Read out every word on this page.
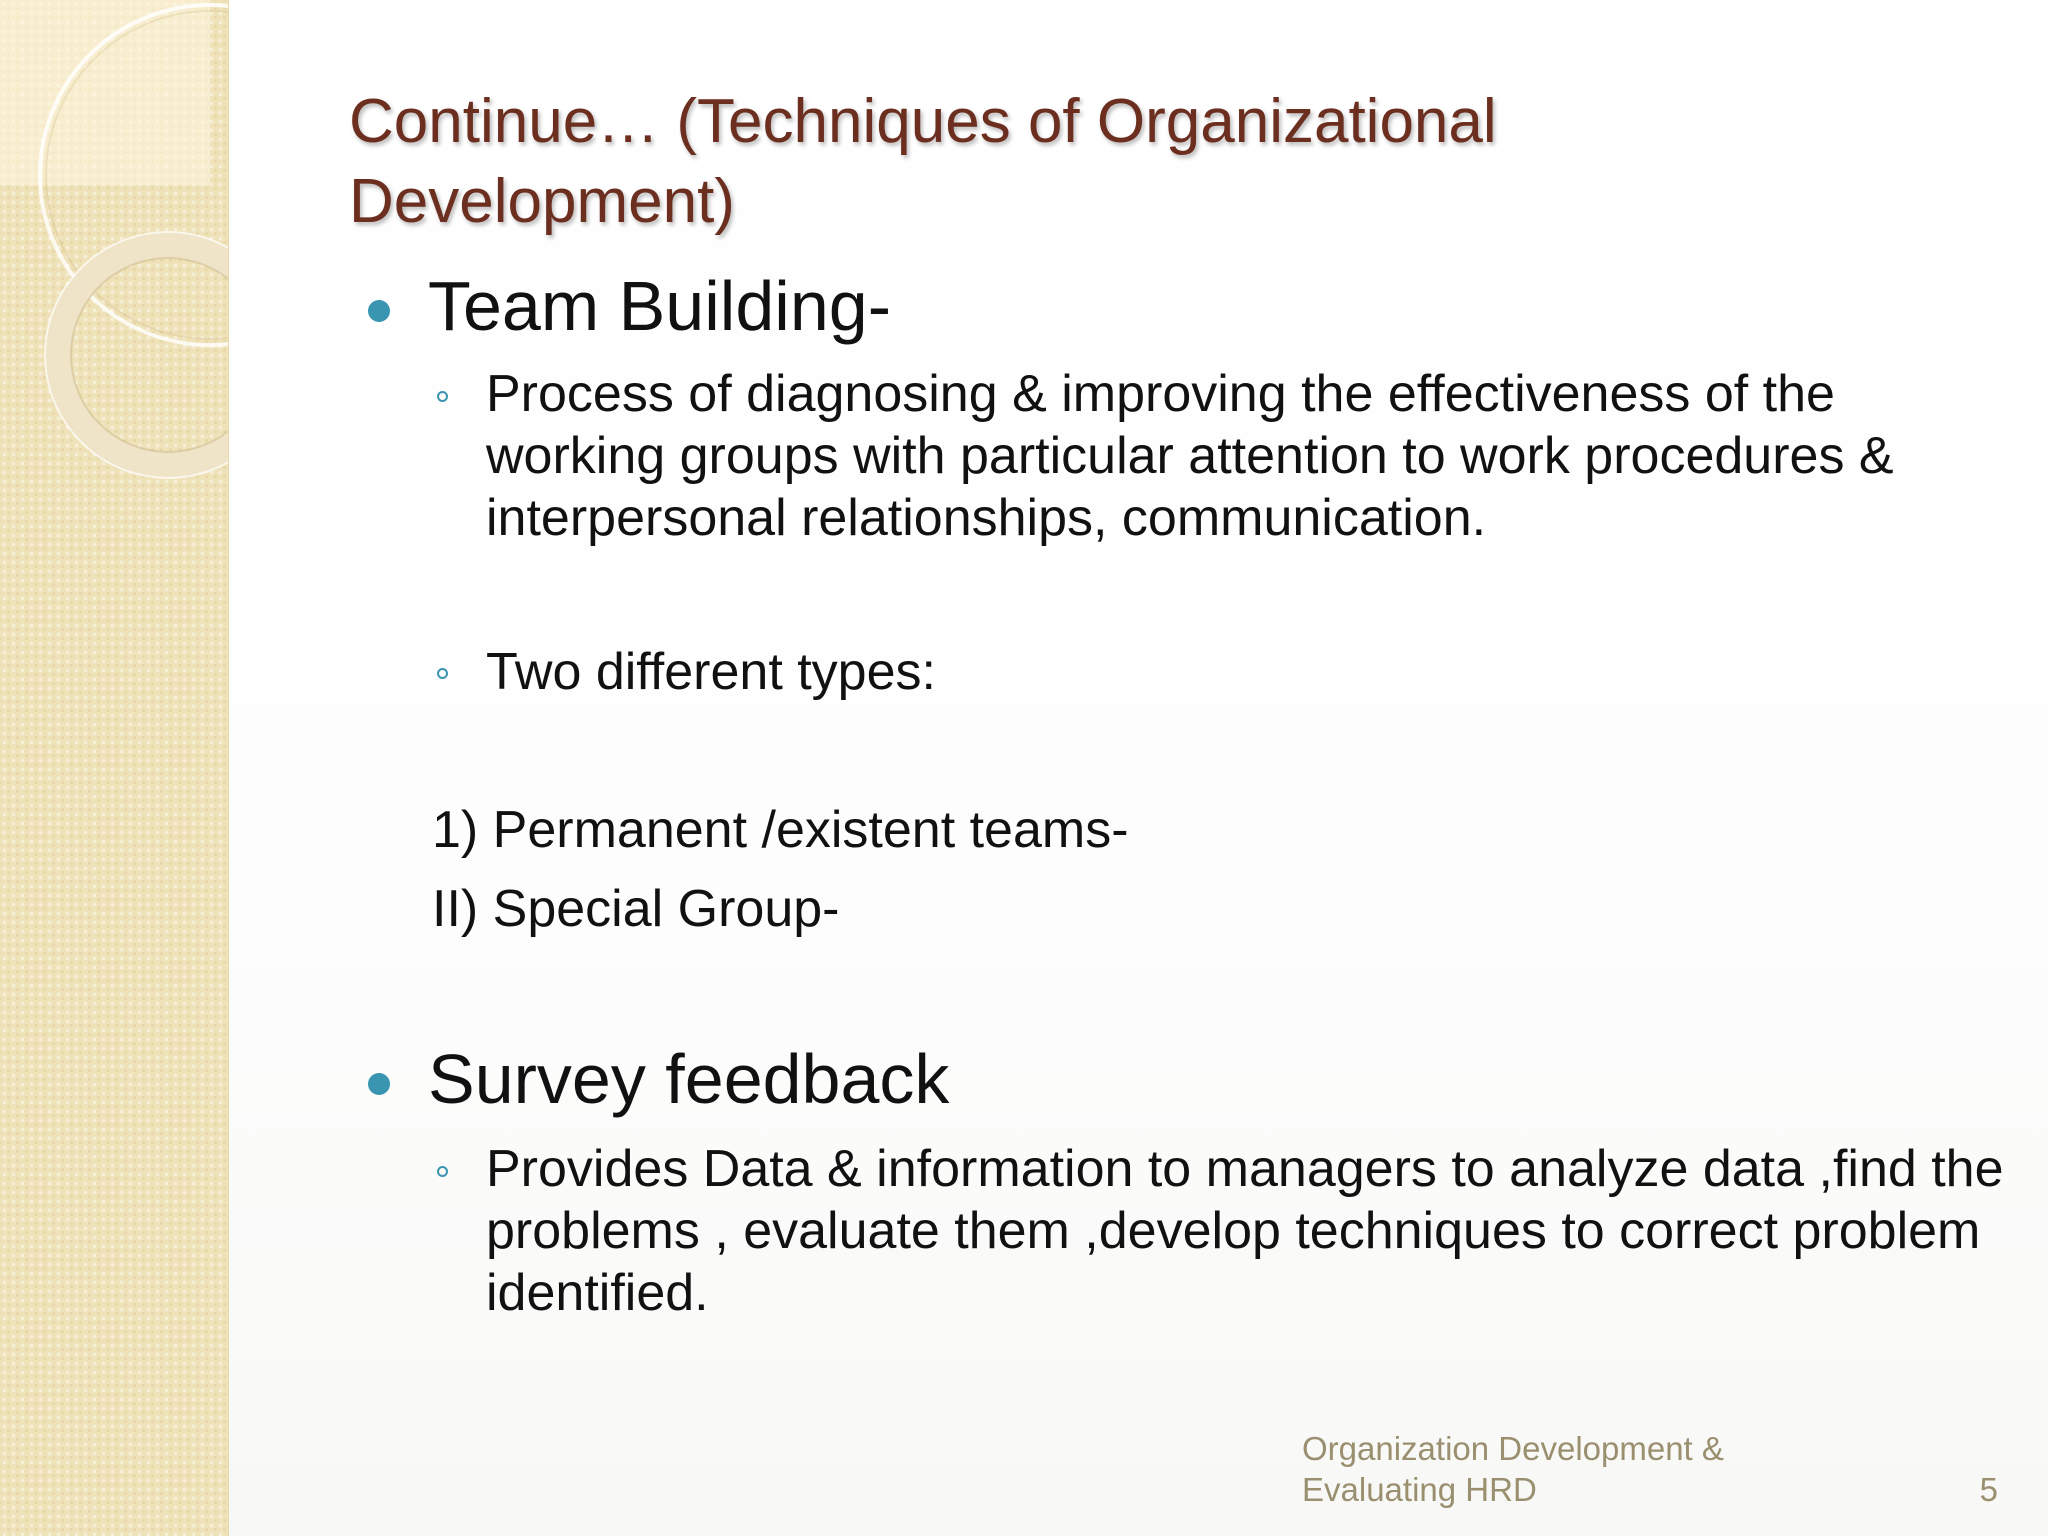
Continue… (Techniques of Organizational Development)
Team Building-
Process of diagnosing & improving the effectiveness of the working groups with particular attention to work procedures & interpersonal relationships, communication.
Two different types:
1) Permanent /existent teams-
II) Special Group-
Survey feedback
Provides Data & information to managers to analyze data ,find the problems , evaluate them ,develop techniques to correct problem identified.
Organization Development & Evaluating HRD	5
